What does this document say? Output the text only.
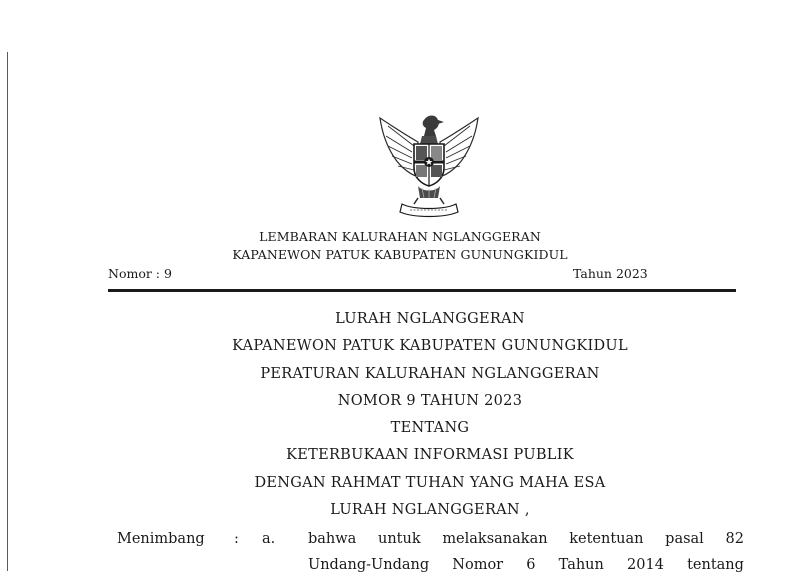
LEMBARAN KALURAHAN NGLANGGERAN
KAPANEWON PATUK KABUPATEN GUNUNGKIDUL
Nomor : 9	Tahun 2023
LURAH NGLANGGERAN
KAPANEWON PATUK KABUPATEN GUNUNGKIDUL
PERATURAN KALURAHAN NGLANGGERAN
NOMOR 9 TAHUN 2023
TENTANG
KETERBUKAAN INFORMASI PUBLIK
DENGAN RAHMAT TUHAN YANG MAHA ESA
LURAH NGLANGGERAN ,
Menimbang : a. bahwa untuk melaksanakan ketentuan pasal 82
Undang-Undang Nomor 6 Tahun 2014 tentang
